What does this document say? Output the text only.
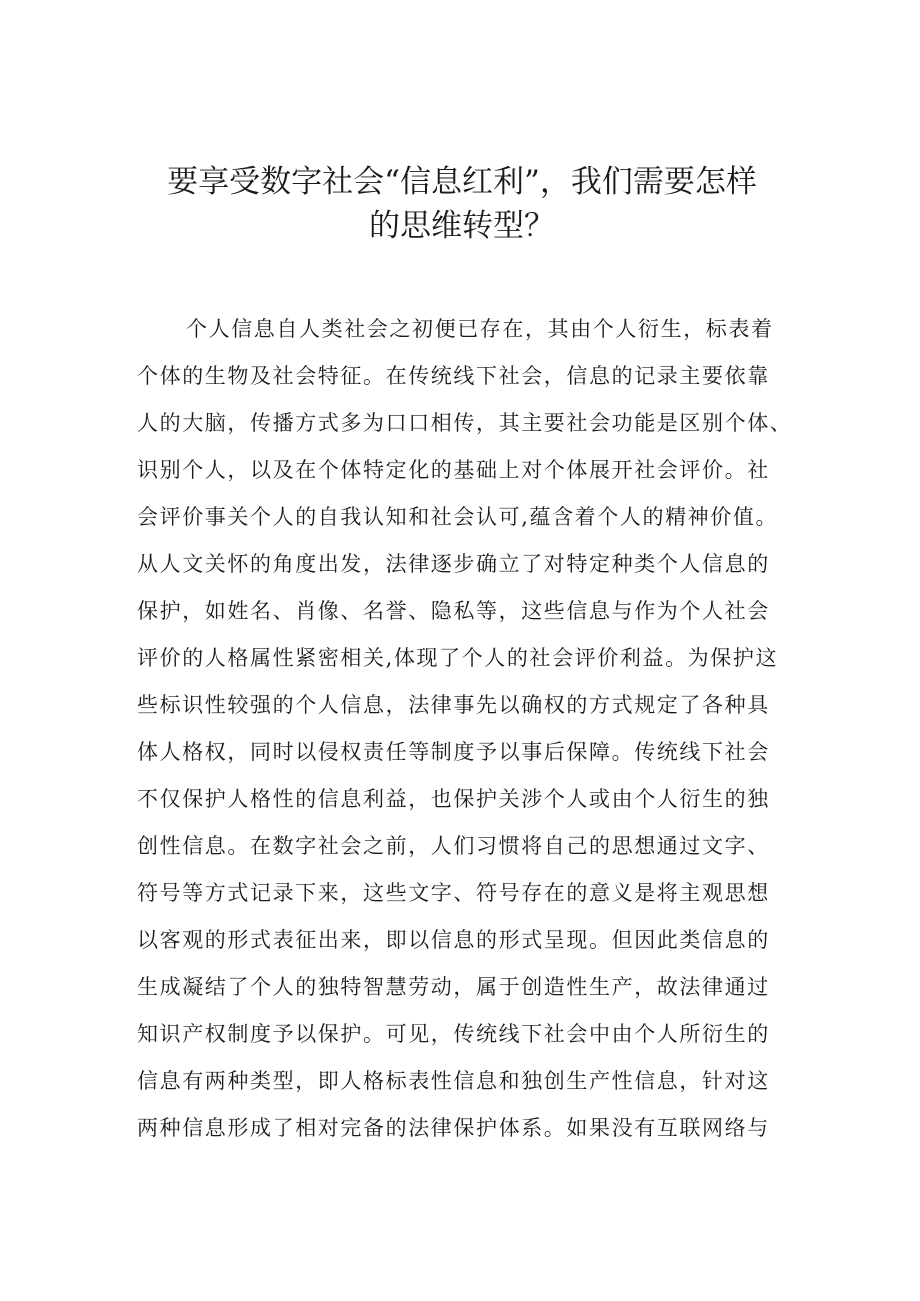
要享受数字社会“信息红利”，我们需要怎样
的思维转型？
个人信息自人类社会之初便已存在，其由个人衍生，标表着
个体的生物及社会特征。在传统线下社会，信息的记录主要依靠
人的大脑，传播方式多为口口相传，其主要社会功能是区别个体、
识别个人，以及在个体特定化的基础上对个体展开社会评价。社
会评价事关个人的自我认知和社会认可,蕴含着个人的精神价值。
从人文关怀的角度出发，法律逐步确立了对特定种类个人信息的
保护，如姓名、肖像、名誉、隐私等，这些信息与作为个人社会
评价的人格属性紧密相关,体现了个人的社会评价利益。为保护这
些标识性较强的个人信息，法律事先以确权的方式规定了各种具
体人格权，同时以侵权责任等制度予以事后保障。传统线下社会
不仅保护人格性的信息利益，也保护关涉个人或由个人衍生的独
创性信息。在数字社会之前，人们习惯将自己的思想通过文字、
符号等方式记录下来，这些文字、符号存在的意义是将主观思想
以客观的形式表征出来，即以信息的形式呈现。但因此类信息的
生成凝结了个人的独特智慧劳动，属于创造性生产，故法律通过
知识产权制度予以保护。可见，传统线下社会中由个人所衍生的
信息有两种类型，即人格标表性信息和独创生产性信息，针对这
两种信息形成了相对完备的法律保护体系。如果没有互联网络与
